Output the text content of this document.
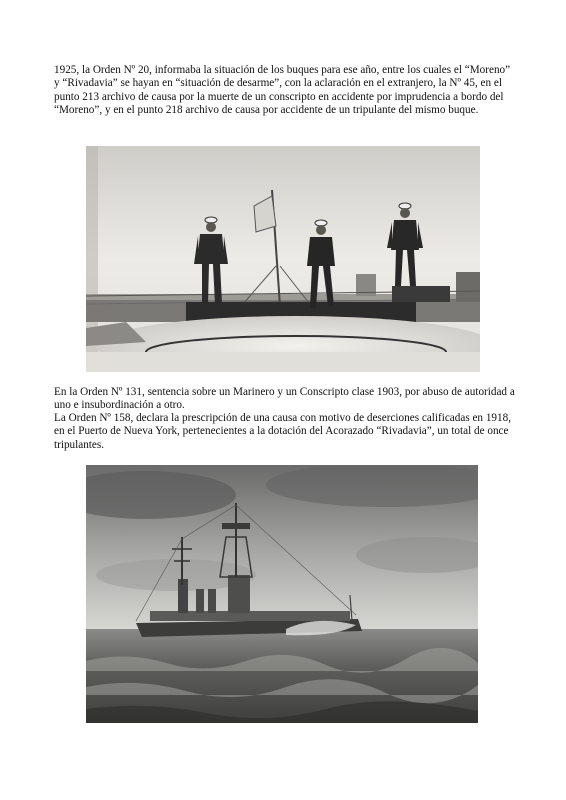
1925, la Orden Nº 20, informaba la situación de los buques para ese año, entre los cuales el “Moreno” y “Rivadavia” se hayan en “situación de desarme”, con la aclaración en el extranjero, la Nº 45, en el punto 213 archivo de causa por la muerte de un conscripto en accidente por imprudencia a bordo del “Moreno”, y en el punto 218 archivo de causa por accidente de un tripulante del mismo buque.

En la Orden Nº 131, sentencia sobre un Marinero y un Conscripto clase 1903, por abuso de autoridad a uno e insubordinación a otro.

La Orden Nº 158, declara la prescripción de una causa con motivo de deserciones calificadas en 1918, en el Puerto de Nueva York, pertenecientes a la dotación del Acorazado “Rivadavia”, un total de once tripulantes.
